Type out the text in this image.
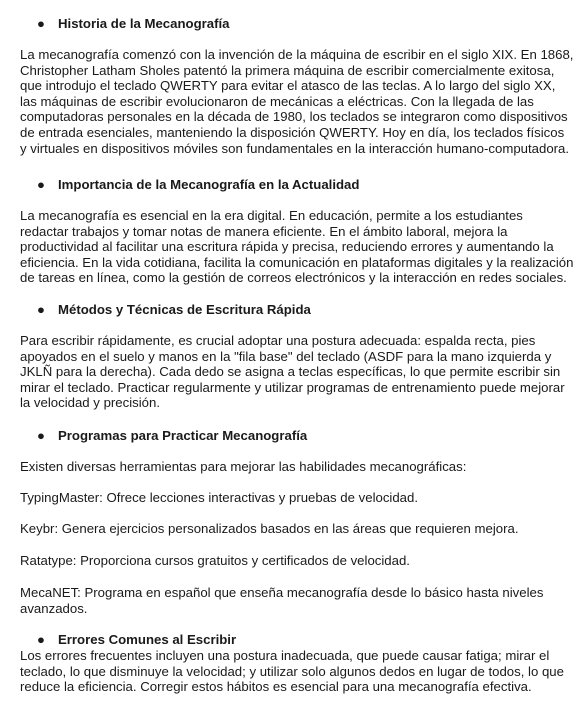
● Historia de la Mecanografía

La mecanografía comenzó con la invención de la máquina de escribir en el siglo XIX. En 1868,
Christopher Latham Sholes patentó la primera máquina de escribir comercialmente exitosa,
que introdujo el teclado QWERTY para evitar el atasco de las teclas. A lo largo del siglo XX,
las máquinas de escribir evolucionaron de mecánicas a eléctricas. Con la llegada de las
computadoras personales en la década de 1980, los teclados se integraron como dispositivos
de entrada esenciales, manteniendo la disposición QWERTY. Hoy en día, los teclados físicos
y virtuales en dispositivos móviles son fundamentales en la interacción humano-computadora.

● Importancia de la Mecanografía en la Actualidad

La mecanografía es esencial en la era digital. En educación, permite a los estudiantes
redactar trabajos y tomar notas de manera eficiente. En el ámbito laboral, mejora la
productividad al facilitar una escritura rápida y precisa, reduciendo errores y aumentando la
eficiencia. En la vida cotidiana, facilita la comunicación en plataformas digitales y la realización
de tareas en línea, como la gestión de correos electrónicos y la interacción en redes sociales.

● Métodos y Técnicas de Escritura Rápida

Para escribir rápidamente, es crucial adoptar una postura adecuada: espalda recta, pies
apoyados en el suelo y manos en la "fila base" del teclado (ASDF para la mano izquierda y
JKLÑ para la derecha). Cada dedo se asigna a teclas específicas, lo que permite escribir sin
mirar el teclado. Practicar regularmente y utilizar programas de entrenamiento puede mejorar
la velocidad y precisión.

● Programas para Practicar Mecanografía

Existen diversas herramientas para mejorar las habilidades mecanográficas:

TypingMaster: Ofrece lecciones interactivas y pruebas de velocidad.

Keybr: Genera ejercicios personalizados basados en las áreas que requieren mejora.

Ratatype: Proporciona cursos gratuitos y certificados de velocidad.

MecaNET: Programa en español que enseña mecanografía desde lo básico hasta niveles
avanzados.

● Errores Comunes al Escribir

Los errores frecuentes incluyen una postura inadecuada, que puede causar fatiga; mirar el
teclado, lo que disminuye la velocidad; y utilizar solo algunos dedos en lugar de todos, lo que
reduce la eficiencia. Corregir estos hábitos es esencial para una mecanografía efectiva.
